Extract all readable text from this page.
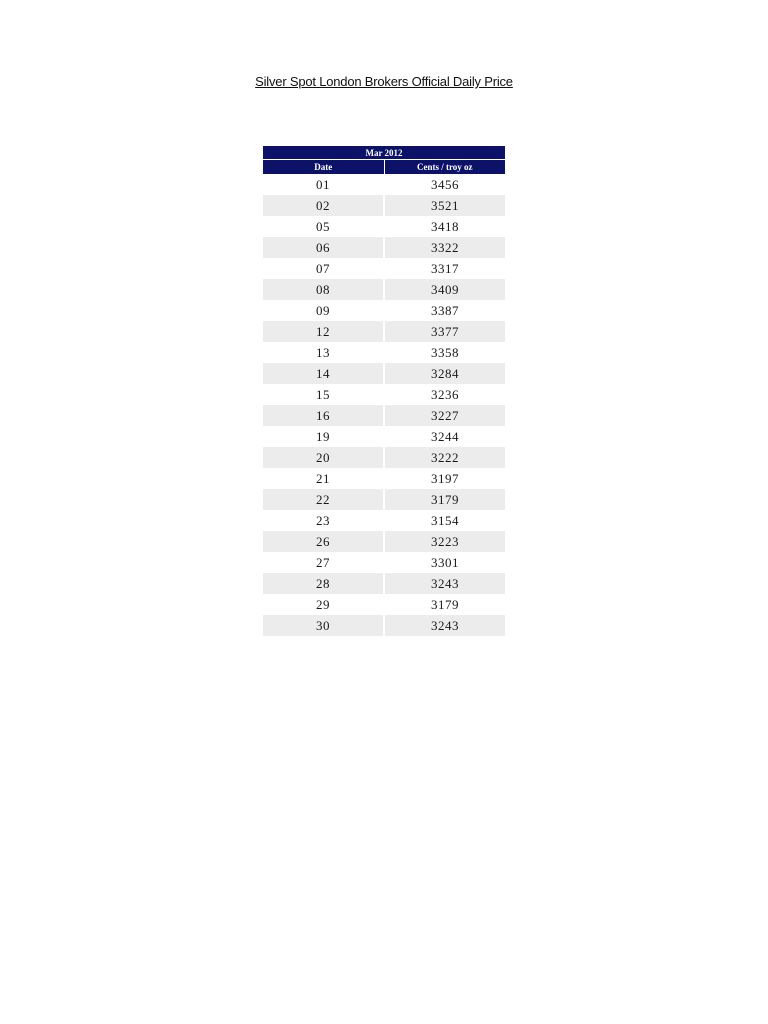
Silver Spot London Brokers Official Daily Price
Mar 2012	
Date	Cents / troy oz
01	3456
02	3521
05	3418
06	3322
07	3317
08	3409
09	3387
12	3377
13	3358
14	3284
15	3236
16	3227
19	3244
20	3222
21	3197
22	3179
23	3154
26	3223
27	3301
28	3243
29	3179
30	3243
